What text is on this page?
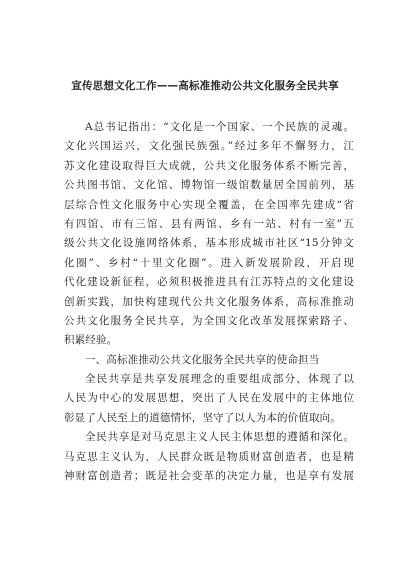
宣传思想文化工作——高标准推动公共文化服务全民共享
A总书记指出：“文化是一个国家、一个民族的灵魂。
文化兴国运兴，文化强民族强。”经过多年不懈努力，江
苏文化建设取得巨大成就，公共文化服务体系不断完善，
公共图书馆、文化馆、博物馆一级馆数量居全国前列，基
层综合性文化服务中心实现全覆盖，在全国率先建成“省
有四馆、市有三馆、县有两馆、乡有一站、村有一室”五
级公共文化设施网络体系，基本形成城市社区“15分钟文
化圈”、乡村“十里文化圈”。进入新发展阶段，开启现
代化建设新征程，必须积极推进具有江苏特点的文化建设
创新实践，加快构建现代公共文化服务体系，高标准推动
公共文化服务全民共享，为全国文化改革发展探索路子、
积累经验。
一、高标准推动公共文化服务全民共享的使命担当
全民共享是共享发展理念的重要组成部分，体现了以
人民为中心的发展思想，突出了人民在发展中的主体地位
彰显了人民至上的道德情怀，坚守了以人为本的价值取向。
全民共享是对马克思主义人民主体思想的遵循和深化。
马克思主义认为，人民群众既是物质财富创造者，也是精
神财富创造者；既是社会变革的决定力量，也是享有发展
